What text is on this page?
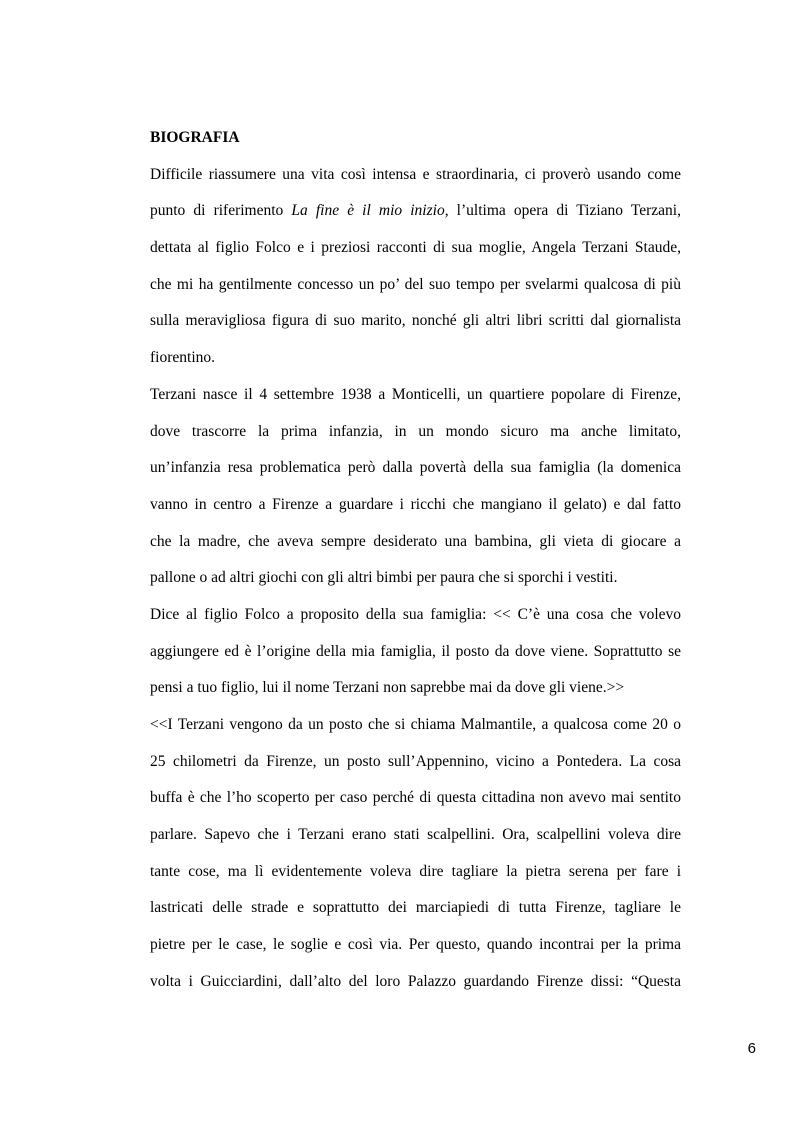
BIOGRAFIA

Difficile riassumere una vita così intensa e straordinaria, ci proverò usando come
punto di riferimento La fine è il mio inizio, l’ultima opera di Tiziano Terzani,
dettata al figlio Folco e i preziosi racconti di sua moglie, Angela Terzani Staude,
che mi ha gentilmente concesso un po’ del suo tempo per svelarmi qualcosa di più
sulla meravigliosa figura di suo marito, nonché gli altri libri scritti dal giornalista
fiorentino.
Terzani nasce il 4 settembre 1938 a Monticelli, un quartiere popolare di Firenze,
dove trascorre la prima infanzia, in un mondo sicuro ma anche limitato,
un’infanzia resa problematica però dalla povertà della sua famiglia (la domenica
vanno in centro a Firenze a guardare i ricchi che mangiano il gelato) e dal fatto
che la madre, che aveva sempre desiderato una bambina, gli vieta di giocare a
pallone o ad altri giochi con gli altri bimbi per paura che si sporchi i vestiti.
Dice al figlio Folco a proposito della sua famiglia: << C’è una cosa che volevo
aggiungere ed è l’origine della mia famiglia, il posto da dove viene. Soprattutto se
pensi a tuo figlio, lui il nome Terzani non saprebbe mai da dove gli viene.>>
<<I Terzani vengono da un posto che si chiama Malmantile, a qualcosa come 20 o
25 chilometri da Firenze, un posto sull’Appennino, vicino a Pontedera. La cosa
buffa è che l’ho scoperto per caso perché di questa cittadina non avevo mai sentito
parlare. Sapevo che i Terzani erano stati scalpellini. Ora, scalpellini voleva dire
tante cose, ma lì evidentemente voleva dire tagliare la pietra serena per fare i
lastricati delle strade e soprattutto dei marciapiedi di tutta Firenze, tagliare le
pietre per le case, le soglie e così via. Per questo, quando incontrai per la prima
volta i Guicciardini, dall’alto del loro Palazzo guardando Firenze dissi: “Questa
6
